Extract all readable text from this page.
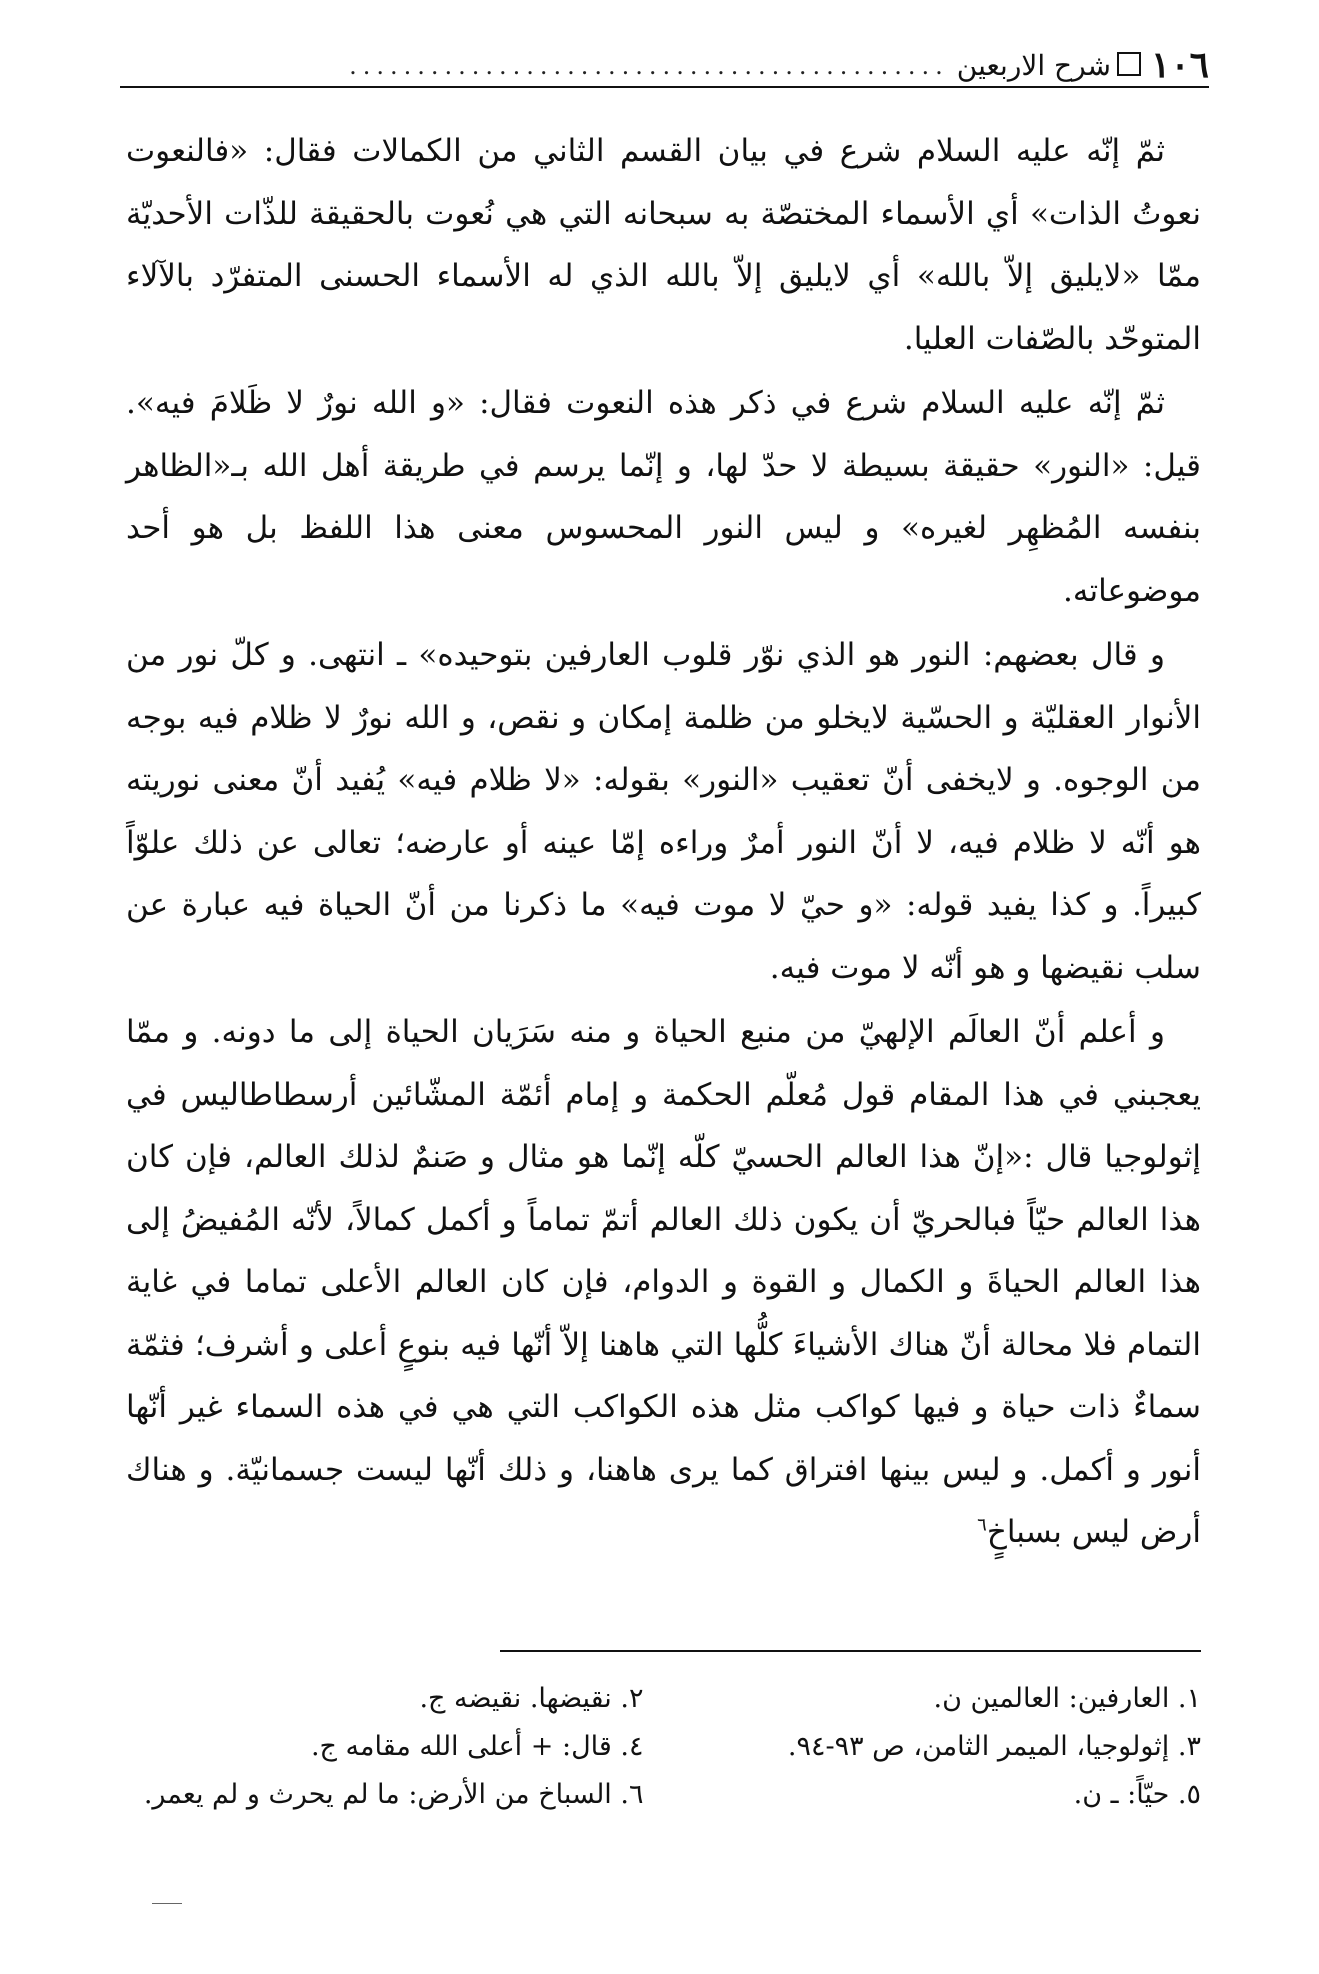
١٠٦
شرح الاربعين
............................................

ثمّ إنّه عليه السلام شرع في بيان القسم الثاني من الكمالات فقال: «فالنعوت نعوتُ الذات» أي الأسماء المختصّة به سبحانه التي هي نُعوت بالحقيقة للذّات الأحديّة ممّا «لايليق إلاّ بالله» أي لايليق إلاّ بالله الذي له الأسماء الحسنى المتفرّد بالآلاء المتوحّد بالصّفات العليا.

ثمّ إنّه عليه السلام شرع في ذكر هذه النعوت فقال: «و الله نورٌ لا ظَلامَ فيه». قيل: «النور» حقيقة بسيطة لا حدّ لها، و إنّما يرسم في طريقة أهل الله بـ«الظاهر بنفسه المُظهِر لغيره» و ليس النور المحسوس معنى هذا اللفظ بل هو أحد موضوعاته.

و قال بعضهم: النور هو الذي نوّر قلوب العارفين بتوحيده» ـ انتهى. و كلّ نور من الأنوار العقليّة و الحسّية لايخلو من ظلمة إمكان و نقص، و الله نورٌ لا ظلام فيه بوجه من الوجوه. و لايخفى أنّ تعقيب «النور» بقوله: «لا ظلام فيه» يُفيد أنّ معنى نوريته هو أنّه لا ظلام فيه، لا أنّ النور أمرٌ وراءه إمّا عينه أو عارضه؛ تعالى عن ذلك علوّاً كبيراً. و كذا يفيد قوله: «و حيّ لا موت فيه» ما ذكرنا من أنّ الحياة فيه عبارة عن سلب نقيضها و هو أنّه لا موت فيه.

و أعلم أنّ العالَم الإلهيّ من منبع الحياة و منه سَرَيان الحياة إلى ما دونه. و ممّا يعجبني في هذا المقام قول مُعلّم الحكمة و إمام أئمّة المشّائين أرسطاطاليس في إثولوجيا قال :«إنّ هذا العالم الحسيّ كلّه إنّما هو مثال و صَنمٌ لذلك العالم، فإن كان هذا العالم حيّاً فبالحريّ أن يكون ذلك العالم أتمّ تماماً و أكمل كمالاً، لأنّه المُفيضُ إلى هذا العالم الحياةَ و الكمال و القوة و الدوام، فإن كان العالم الأعلى تماما في غاية التمام فلا محالة أنّ هناك الأشياءَ كلُّها التي هاهنا إلاّ أنّها فيه بنوعٍ أعلى و أشرف؛ فثمّة سماءٌ ذات حياة و فيها كواكب مثل هذه الكواكب التي هي في هذه السماء غير أنّها أنور و أكمل. و ليس بينها افتراق كما يرى هاهنا، و ذلك أنّها ليست جسمانيّة. و هناك أرض ليس بسباخٍ$^٦$

١. العارفين: العالمين ن.
٢. نقيضها. نقيضه ج.
٣. إثولوجيا، الميمر الثامن، ص ٩٣-٩٤.
٤. قال: + أعلى الله مقامه ج.
٥. حيّاً: ـ ن.
٦. السباخ من الأرض: ما لم يحرث و لم يعمر.
